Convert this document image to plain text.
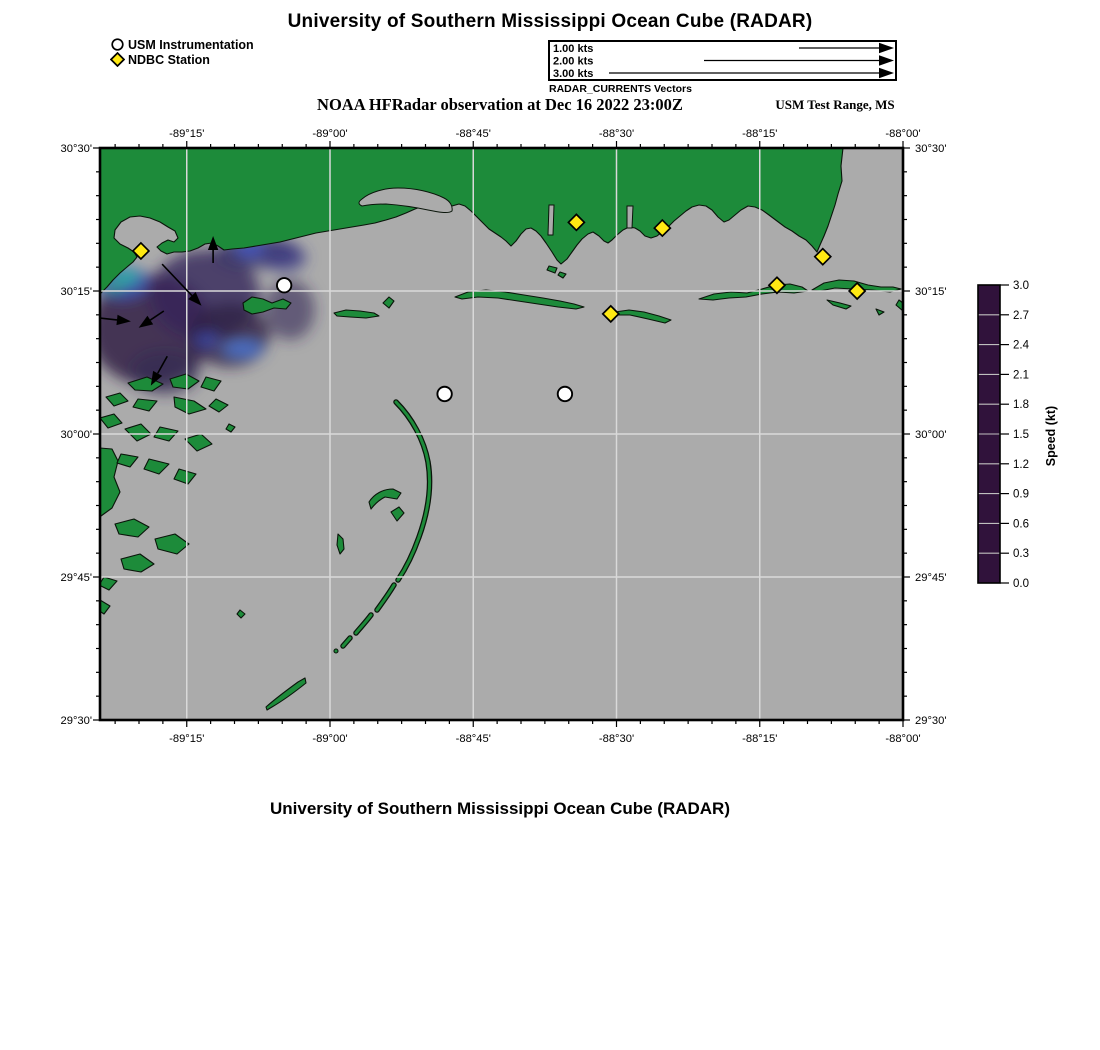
-89°15'
-89°15'
-89°00'
-89°00'
-88°45'
-88°45'
-88°30'
-88°30'
-88°15'
-88°15'
-88°00'
-88°00'
30°30'	30°30'
30°15'	30°15'
30°00'	30°00'
29°45'	29°45'
29°30'	29°30'
1.00 kts
2.00 kts
3.00 kts
0.0
0.3
0.6
0.9
1.2
1.5
1.8
2.1
2.4
2.7
3.0
University of Southern Mississippi Ocean Cube (RADAR)
USM Instrumentation
NDBC Station
RADAR_CURRENTS Vectors
NOAA HFRadar observation at Dec 16 2022 23:00Z	USM Test Range, MS
Speed (kt)
University of Southern Mississippi Ocean Cube (RADAR)
